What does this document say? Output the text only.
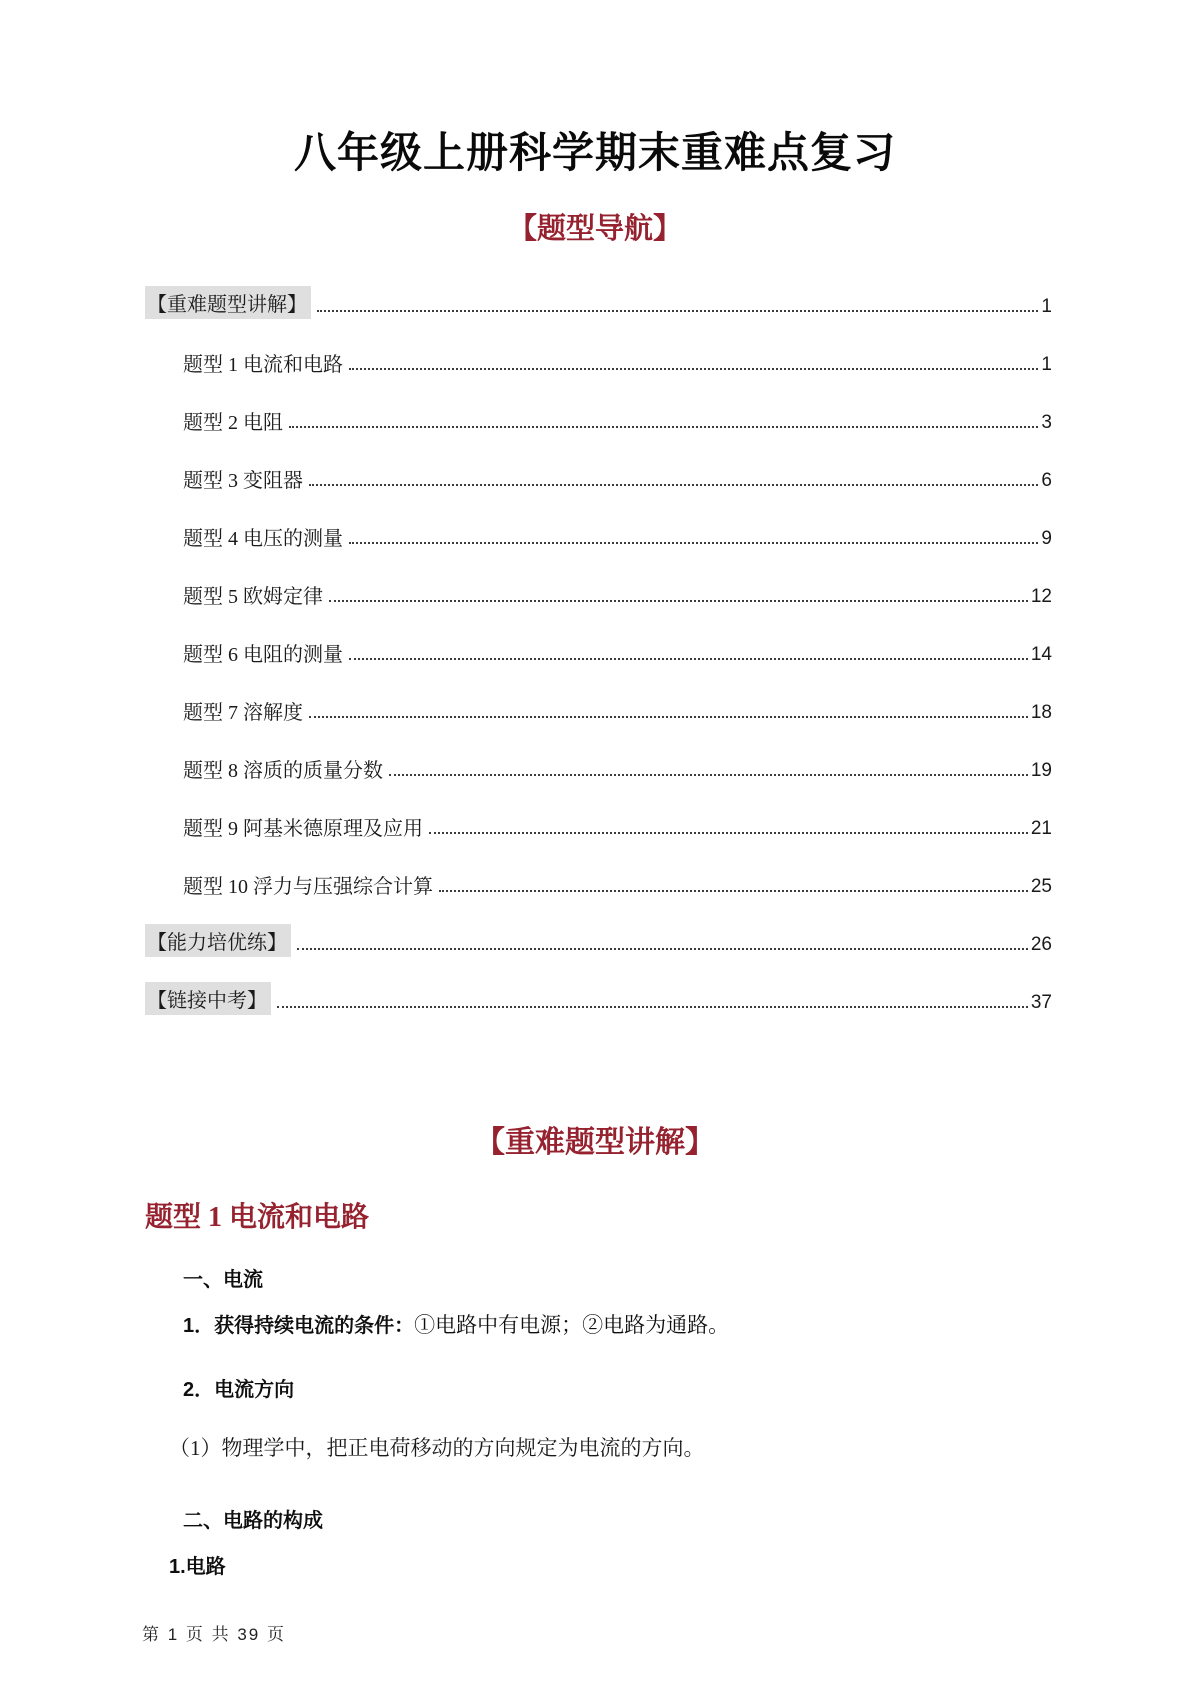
八年级上册科学期末重难点复习
【题型导航】
【重难题型讲解】	1
题型 1 电流和电路	1
题型 2 电阻	3
题型 3 变阻器	6
题型 4 电压的测量	9
题型 5 欧姆定律	12
题型 6 电阻的测量	14
题型 7 溶解度	18
题型 8 溶质的质量分数	19
题型 9 阿基米德原理及应用	21
题型 10 浮力与压强综合计算	25
【能力培优练】	26
【链接中考】	37
【重难题型讲解】
题型 1 电流和电路

一、电流

1．获得持续电流的条件：①电路中有电源；②电路为通路。

2．电流方向

（1）物理学中，把正电荷移动的方向规定为电流的方向。

二、电路的构成

1.电路

第 1 页 共 39 页
